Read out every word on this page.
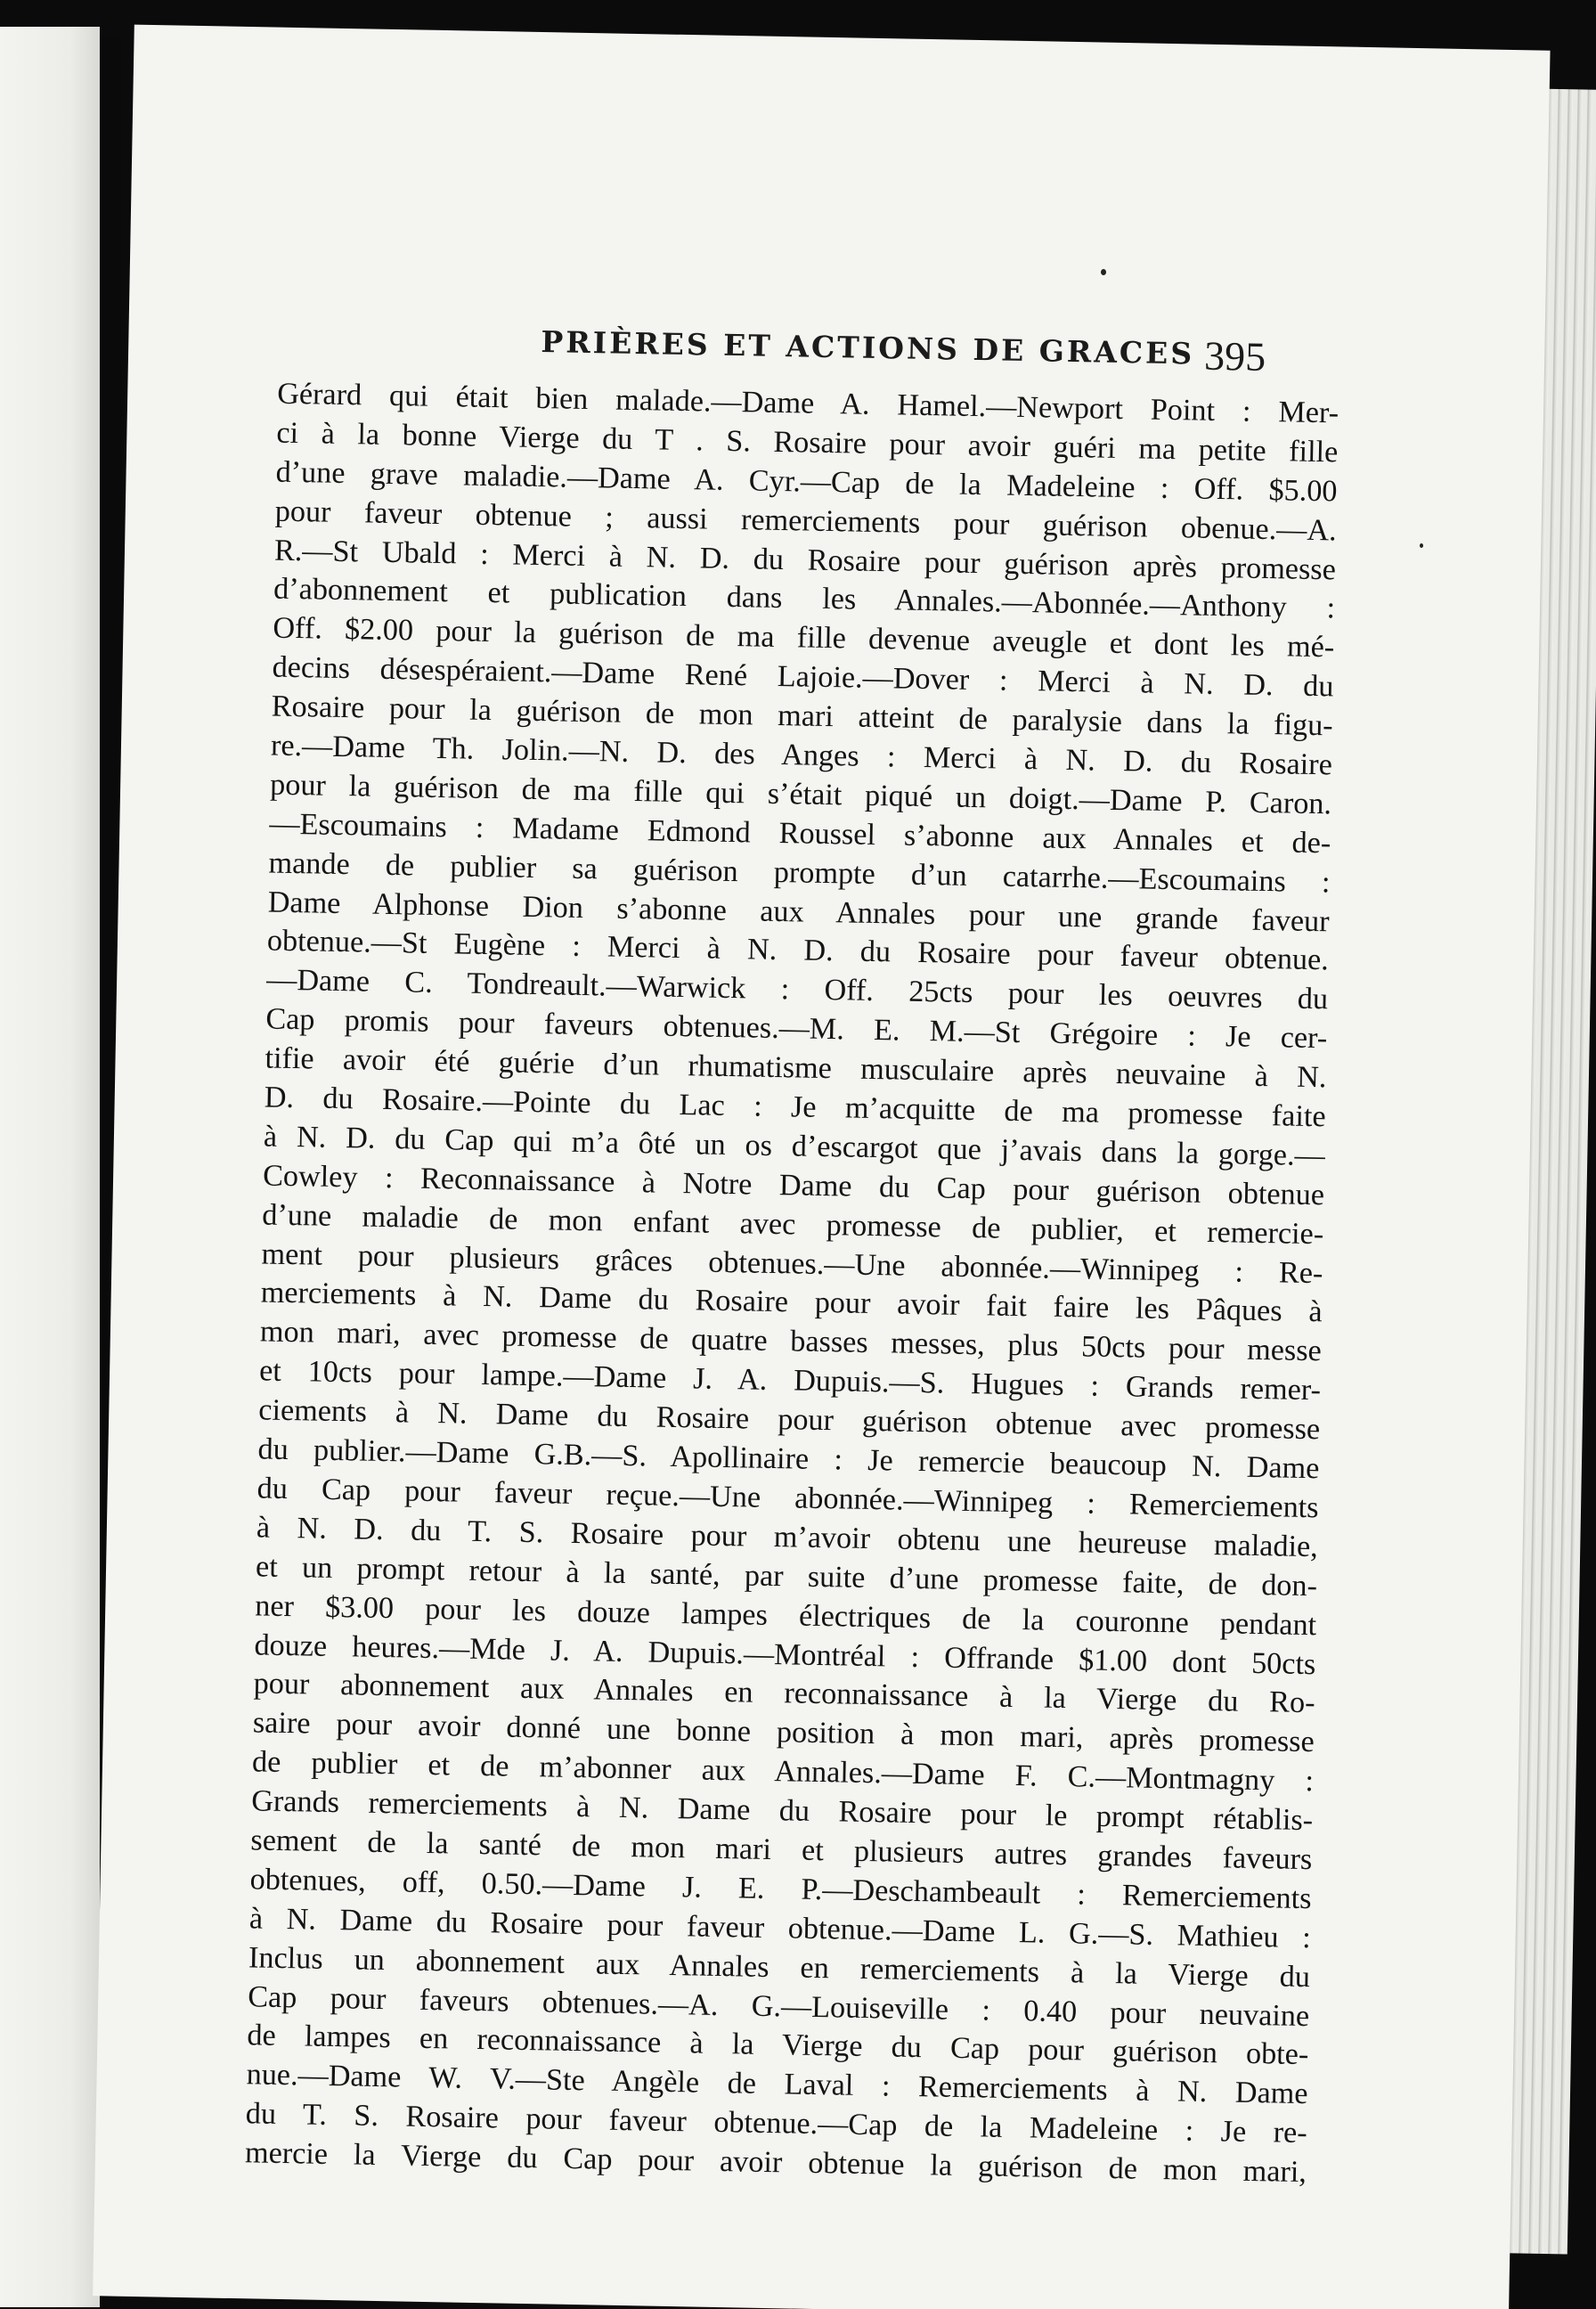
PRIÈRES ET ACTIONS DE GRACES 395
Gérard qui était bien malade.—Dame A. Hamel.—Newport Point : Mer-
ci à la bonne Vierge du T . S. Rosaire pour avoir guéri ma petite fille
d’une grave maladie.—Dame A. Cyr.—Cap de la Madeleine : Off. $5.00
pour faveur obtenue ; aussi remerciements pour guérison obenue.—A.
R.—St Ubald : Merci à N. D. du Rosaire pour guérison après promesse
d’abonnement et publication dans les Annales.—Abonnée.—Anthony :
Off. $2.00 pour la guérison de ma fille devenue aveugle et dont les mé-
decins désespéraient.—Dame René Lajoie.—Dover : Merci à N. D. du
Rosaire pour la guérison de mon mari atteint de paralysie dans la figu-
re.—Dame Th. Jolin.—N. D. des Anges : Merci à N. D. du Rosaire
pour la guérison de ma fille qui s’était piqué un doigt.—Dame P. Caron.
—Escoumains : Madame Edmond Roussel s’abonne aux Annales et de-
mande de publier sa guérison prompte d’un catarrhe.—Escoumains :
Dame Alphonse Dion s’abonne aux Annales pour une grande faveur
obtenue.—St Eugène : Merci à N. D. du Rosaire pour faveur obtenue.
—Dame C. Tondreault.—Warwick : Off. 25cts pour les oeuvres du
Cap promis pour faveurs obtenues.—M. E. M.—St Grégoire : Je cer-
tifie avoir été guérie d’un rhumatisme musculaire après neuvaine à N.
D. du Rosaire.—Pointe du Lac : Je m’acquitte de ma promesse faite
à N. D. du Cap qui m’a ôté un os d’escargot que j’avais dans la gorge.—
Cowley : Reconnaissance à Notre Dame du Cap pour guérison obtenue
d’une maladie de mon enfant avec promesse de publier, et remercie-
ment pour plusieurs grâces obtenues.—Une abonnée.—Winnipeg : Re-
merciements à N. Dame du Rosaire pour avoir fait faire les Pâques à
mon mari, avec promesse de quatre basses messes, plus 50cts pour messe
et 10cts pour lampe.—Dame J. A. Dupuis.—S. Hugues : Grands remer-
ciements à N. Dame du Rosaire pour guérison obtenue avec promesse
du publier.—Dame G.B.—S. Apollinaire : Je remercie beaucoup N. Dame
du Cap pour faveur reçue.—Une abonnée.—Winnipeg : Remerciements
à N. D. du T. S. Rosaire pour m’avoir obtenu une heureuse maladie,
et un prompt retour à la santé, par suite d’une promesse faite, de don-
ner $3.00 pour les douze lampes électriques de la couronne pendant
douze heures.—Mde J. A. Dupuis.—Montréal : Offrande $1.00 dont 50cts
pour abonnement aux Annales en reconnaissance à la Vierge du Ro-
saire pour avoir donné une bonne position à mon mari, après promesse
de publier et de m’abonner aux Annales.—Dame F. C.—Montmagny :
Grands remerciements à N. Dame du Rosaire pour le prompt rétablis-
sement de la santé de mon mari et plusieurs autres grandes faveurs
obtenues, off, 0.50.—Dame J. E. P.—Deschambeault : Remerciements
à N. Dame du Rosaire pour faveur obtenue.—Dame L. G.—S. Mathieu :
Inclus un abonnement aux Annales en remerciements à la Vierge du
Cap pour faveurs obtenues.—A. G.—Louiseville : 0.40 pour neuvaine
de lampes en reconnaissance à la Vierge du Cap pour guérison obte-
nue.—Dame W. V.—Ste Angèle de Laval : Remerciements à N. Dame
du T. S. Rosaire pour faveur obtenue.—Cap de la Madeleine : Je re-
mercie la Vierge du Cap pour avoir obtenue la guérison de mon mari,
